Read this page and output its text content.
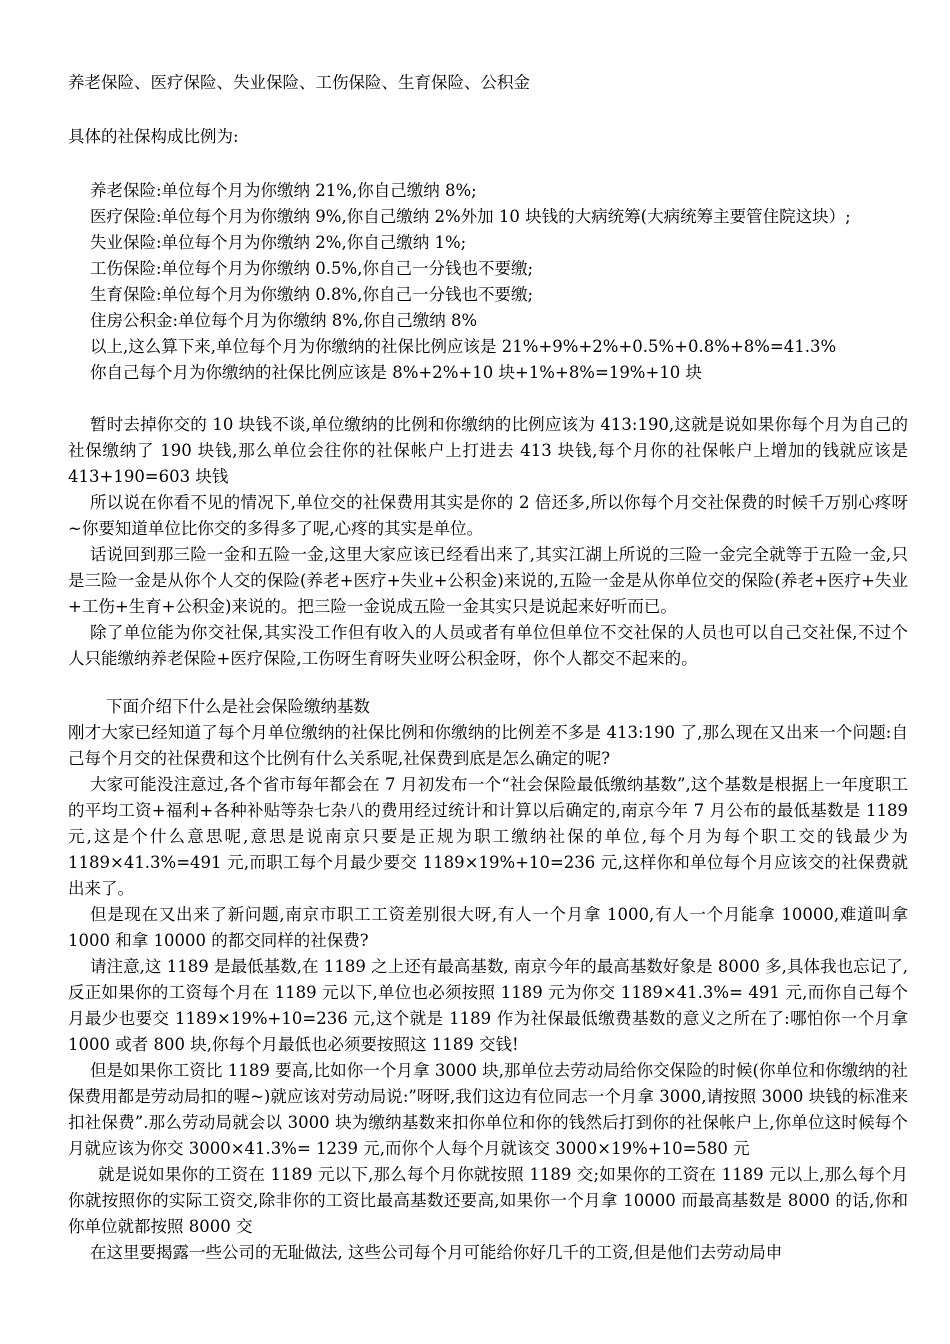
养老保险、医疗保险、失业保险、工伤保险、生育保险、公积金

具体的社保构成比例为:

养老保险:单位每个月为你缴纳 21%,你自己缴纳 8%;

医疗保险:单位每个月为你缴纳 9%,你自己缴纳 2%外加 10 块钱的大病统筹(大病统筹主要管住院这块）;

失业保险:单位每个月为你缴纳 2%,你自己缴纳 1%;

工伤保险:单位每个月为你缴纳 0.5%,你自己一分钱也不要缴;

生育保险:单位每个月为你缴纳 0.8%,你自己一分钱也不要缴;

住房公积金:单位每个月为你缴纳 8%,你自己缴纳 8%

以上,这么算下来,单位每个月为你缴纳的社保比例应该是 21%+9%+2%+0.5%+0.8%+8%=41.3%

你自己每个月为你缴纳的社保比例应该是 8%+2%+10 块+1%+8%=19%+10 块

暂时去掉你交的 10 块钱不谈,单位缴纳的比例和你缴纳的比例应该为 413:190,这就是说如果你每个月为自己的社保缴纳了 190 块钱,那么单位会往你的社保帐户上打进去 413 块钱,每个月你的社保帐户上增加的钱就应该是 413+190=603 块钱

所以说在你看不见的情况下,单位交的社保费用其实是你的 2 倍还多,所以你每个月交社保费的时候千万别心疼呀~你要知道单位比你交的多得多了呢,心疼的其实是单位。

话说回到那三险一金和五险一金,这里大家应该已经看出来了,其实江湖上所说的三险一金完全就等于五险一金,只是三险一金是从你个人交的保险(养老+医疗+失业+公积金)来说的,五险一金是从你单位交的保险(养老+医疗+失业+工伤+生育+公积金)来说的。把三险一金说成五险一金其实只是说起来好听而已。

除了单位能为你交社保,其实没工作但有收入的人员或者有单位但单位不交社保的人员也可以自己交社保,不过个人只能缴纳养老保险+医疗保险,工伤呀生育呀失业呀公积金呀，你个人都交不起来的。

下面介绍下什么是社会保险缴纳基数

刚才大家已经知道了每个月单位缴纳的社保比例和你缴纳的比例差不多是 413:190 了,那么现在又出来一个问题:自己每个月交的社保费和这个比例有什么关系呢,社保费到底是怎么确定的呢?

大家可能没注意过,各个省市每年都会在 7 月初发布一个“社会保险最低缴纳基数”,这个基数是根据上一年度职工的平均工资+福利+各种补贴等杂七杂八的费用经过统计和计算以后确定的,南京今年 7 月公布的最低基数是 1189 元,这是个什么意思呢,意思是说南京只要是正规为职工缴纳社保的单位,每个月为每个职工交的钱最少为 1189×41.3%=491 元,而职工每个月最少要交 1189×19%+10=236 元,这样你和单位每个月应该交的社保费就出来了。

但是现在又出来了新问题,南京市职工工资差别很大呀,有人一个月拿 1000,有人一个月能拿 10000,难道叫拿 1000 和拿 10000 的都交同样的社保费?

请注意,这 1189 是最低基数,在 1189 之上还有最高基数, 南京今年的最高基数好象是 8000 多,具体我也忘记了,反正如果你的工资每个月在 1189 元以下,单位也必须按照 1189 元为你交 1189×41.3%= 491 元,而你自己每个月最少也要交 1189×19%+10=236 元,这个就是 1189 作为社保最低缴费基数的意义之所在了:哪怕你一个月拿 1000 或者 800 块,你每个月最低也必须要按照这 1189 交钱!

但是如果你工资比 1189 要高,比如你一个月拿 3000 块,那单位去劳动局给你交保险的时候(你单位和你缴纳的社保费用都是劳动局扣的喔~)就应该对劳动局说:”呀呀,我们这边有位同志一个月拿 3000,请按照 3000 块钱的标准来扣社保费”.那么劳动局就会以 3000 块为缴纳基数来扣你单位和你的钱然后打到你的社保帐户上,你单位这时候每个月就应该为你交 3000×41.3%= 1239 元,而你个人每个月就该交 3000×19%+10=580 元

就是说如果你的工资在 1189 元以下,那么每个月你就按照 1189 交;如果你的工资在 1189 元以上,那么每个月你就按照你的实际工资交,除非你的工资比最高基数还要高,如果你一个月拿 10000 而最高基数是 8000 的话,你和你单位就都按照 8000 交

在这里要揭露一些公司的无耻做法, 这些公司每个月可能给你好几千的工资,但是他们去劳动局申
